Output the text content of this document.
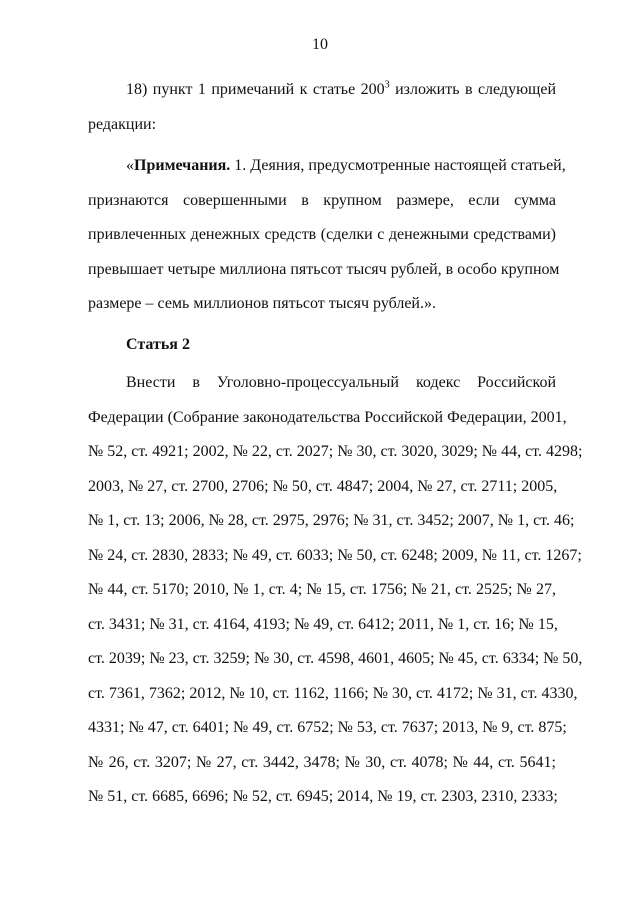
10
18) пункт 1 примечаний к статье $200^3$ изложить в следующей
редакции:
«Примечания. 1. Деяния, предусмотренные настоящей статьей,
признаются совершенными в крупном размере, если сумма
привлеченных денежных средств (сделки с денежными средствами)
превышает четыре миллиона пятьсот тысяч рублей, в особо крупном
размере – семь миллионов пятьсот тысяч рублей.».
Статья 2
Внести в Уголовно-процессуальный кодекс Российской
Федерации (Собрание законодательства Российской Федерации, 2001,
№ 52, ст. 4921; 2002, № 22, ст. 2027; № 30, ст. 3020, 3029; № 44, ст. 4298;
2003, № 27, ст. 2700, 2706; № 50, ст. 4847; 2004, № 27, ст. 2711; 2005,
№ 1, ст. 13; 2006, № 28, ст. 2975, 2976; № 31, ст. 3452; 2007, № 1, ст. 46;
№ 24, ст. 2830, 2833; № 49, ст. 6033; № 50, ст. 6248; 2009, № 11, ст. 1267;
№ 44, ст. 5170; 2010, № 1, ст. 4; № 15, ст. 1756; № 21, ст. 2525; № 27,
ст. 3431; № 31, ст. 4164, 4193; № 49, ст. 6412; 2011, № 1, ст. 16; № 15,
ст. 2039; № 23, ст. 3259; № 30, ст. 4598, 4601, 4605; № 45, ст. 6334; № 50,
ст. 7361, 7362; 2012, № 10, ст. 1162, 1166; № 30, ст. 4172; № 31, ст. 4330,
4331; № 47, ст. 6401; № 49, ст. 6752; № 53, ст. 7637; 2013, № 9, ст. 875;
№ 26, ст. 3207; № 27, ст. 3442, 3478; № 30, ст. 4078; № 44, ст. 5641;
№ 51, ст. 6685, 6696; № 52, ст. 6945; 2014, № 19, ст. 2303, 2310, 2333;
